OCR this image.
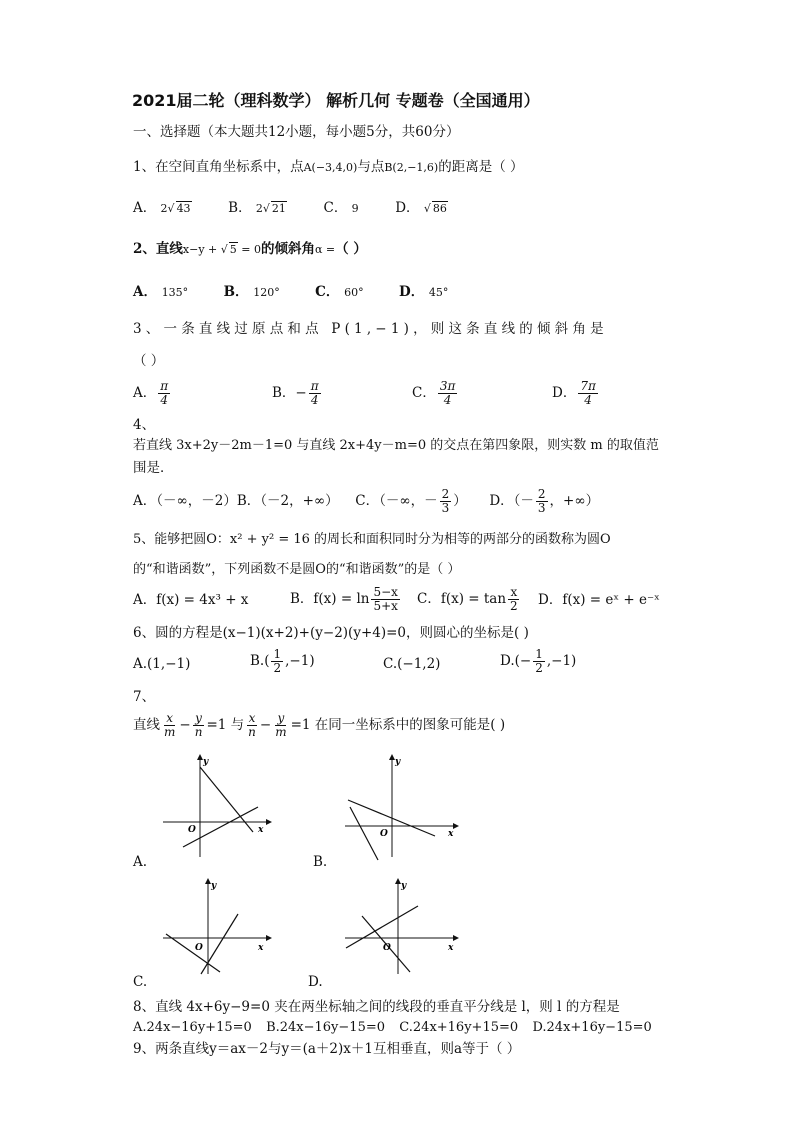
2021届二轮（理科数学） 解析几何 专题卷（全国通用）
一、选择题（本大题共12小题，每小题5分，共60分）
1、在空间直角坐标系中，点A(−3,4,0)与点B(2,−1,6)的距离是（ ）
A． 2√ 43	B． 2√ 21	C． 9	D． √ 86
2、直线x−y + √ 5 = 0的倾斜角α =（ ）
A． 135°	B． 120°	C． 60°	D． 45°
3、一条直线过原点和点 P(1,−1)，则这条直线的倾斜角是
（ ）
A． $\frac{\pi}{4}$	B．− $\frac{\pi}{4}$	C． $\frac{3\pi}{4}$	D． $\frac{7\pi}{4}$
4、
若直线 3x+2y－2m－1=0 与直线 2x+4y－m=0 的交点在第四象限，则实数 m 的取值范
围是．
A．（－∞，－2）B．（－2，+∞） C．（－∞，－ $\frac{2}{3}$ ） D．（－ $\frac{2}{3}$ ，+∞）
5、能够把圆O：x² + y² = 16 的周长和面积同时分为相等的两部分的函数称为圆O
的“和谐函数”，下列函数不是圆O的“和谐函数”的是（ ）
A．f(x) = 4x³ + x	B．$f(x) = \ln \frac{5-x}{5+x}$ C．$f(x) = \tan \frac{x}{2}$ D．f(x) = eˣ + e⁻ˣ
6、圆的方程是(x−1)(x+2)+(y−2)(y+4)=0，则圆心的坐标是( )
A.(1,−1)	$B.( \frac{1}{2} ,-1)$	C.(−1,2)	$D.(- \frac{1}{2} ,-1)$
7、
直线 $\frac{x}{m} - \frac{y}{n} =1$ 与 $\frac{x}{n} - \frac{y}{m} =1$ 在同一坐标系中的图象可能是( )
x
y
O
A.
x
y
O
B.
x
y
O
C.
x
y
O
D.
8、直线 4x+6y−9=0 夹在两坐标轴之间的线段的垂直平分线是 l，则 l 的方程是
A.24x−16y+15=0 B.24x−16y−15=0 C.24x+16y+15=0 D.24x+16y−15=0
9、两条直线y＝ax－2与y＝(a＋2)x＋1互相垂直，则a等于（ ）
